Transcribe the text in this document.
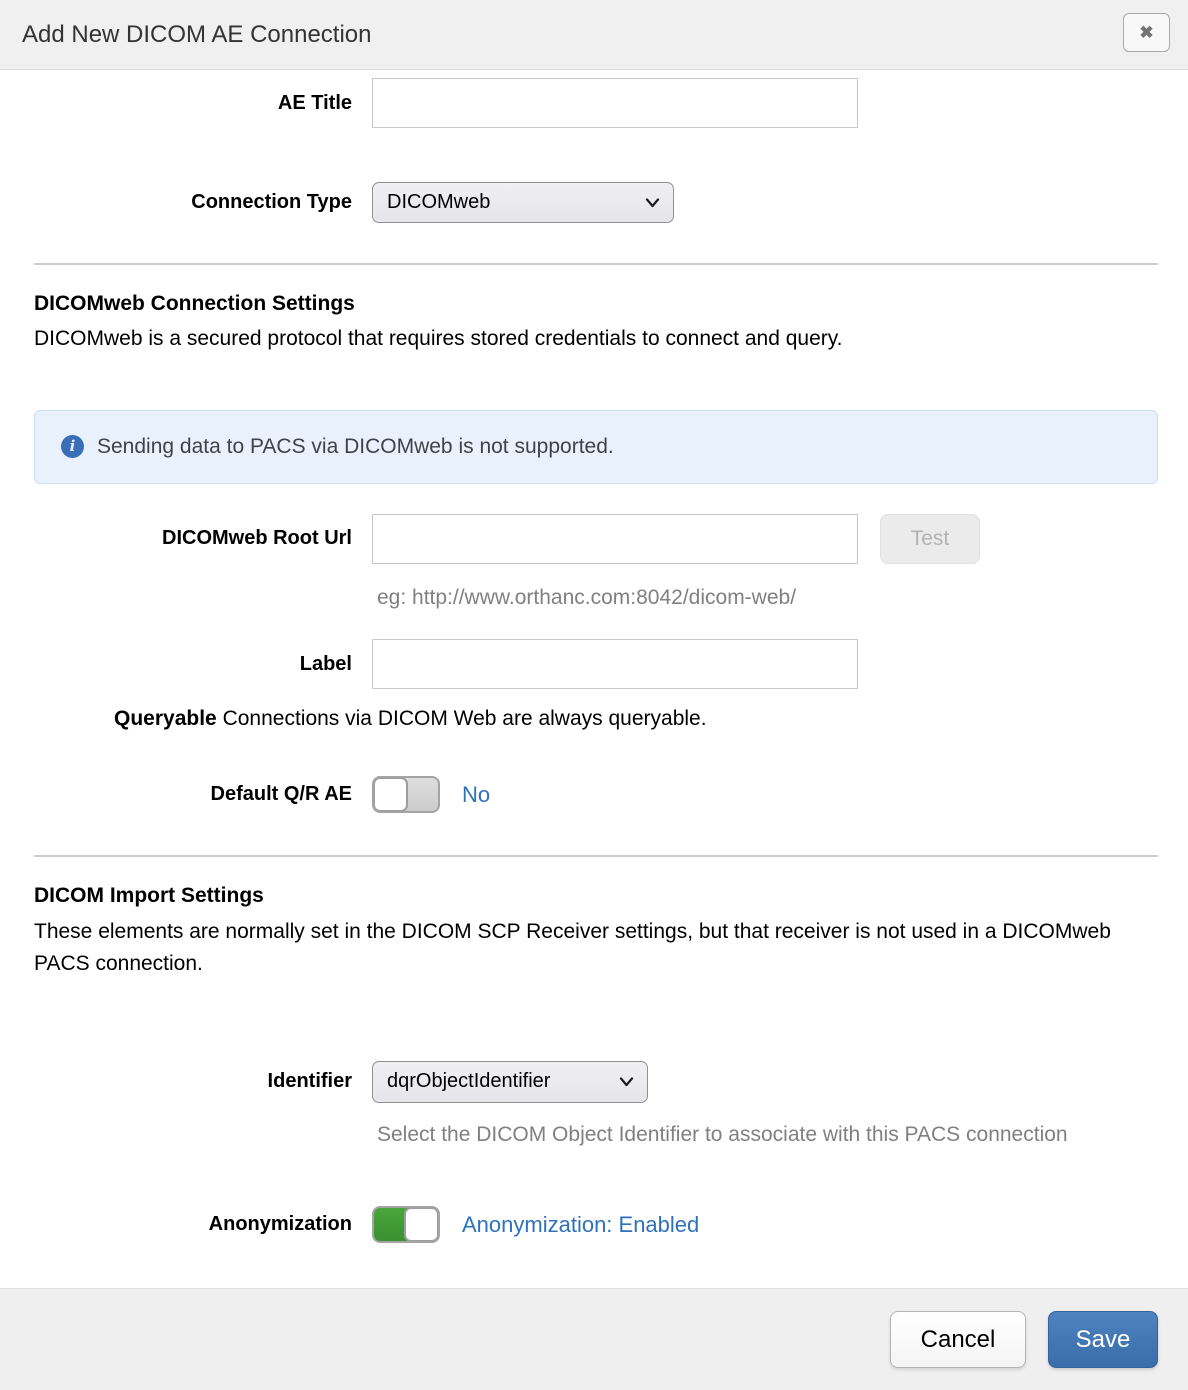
Add New DICOM AE Connection	✖
AE Title
Connection Type DICOMweb
DICOMweb Connection Settings
DICOMweb is a secured protocol that requires stored credentials to connect and query.
i	Sending data to PACS via DICOMweb is not supported.
DICOMweb Root Url	Test
eg: http://www.orthanc.com:8042/dicom-web/
Label
Queryable Connections via DICOM Web are always queryable.
Default Q/R AE	No
DICOM Import Settings
These elements are normally set in the DICOM SCP Receiver settings, but that receiver is not used in a DICOMweb PACS connection.
Identifier dqrObjectIdentifier
Select the DICOM Object Identifier to associate with this PACS connection
Anonymization	Anonymization: Enabled
Cancel	Save
